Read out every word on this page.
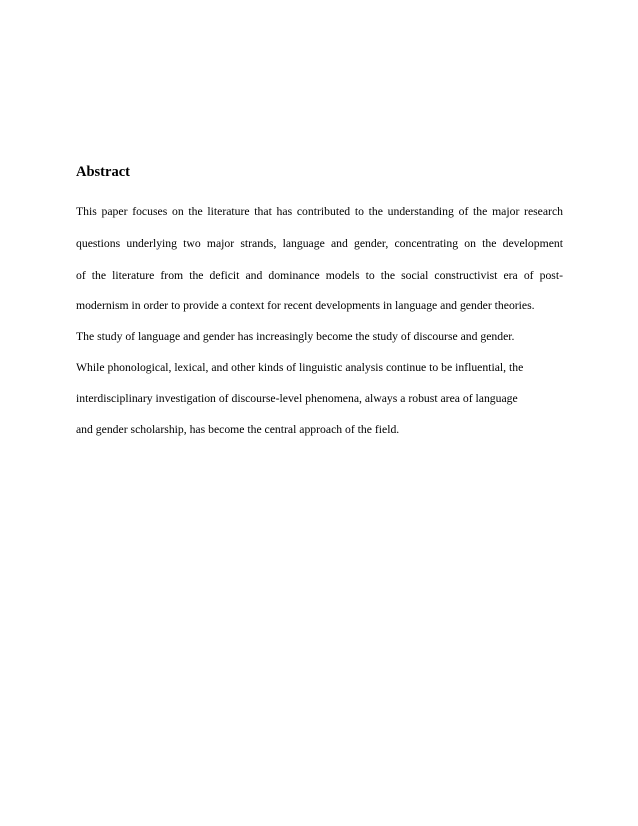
Abstract

This paper focuses on the literature that has contributed to the understanding of the major research

questions underlying two major strands, language and gender, concentrating on the development

of the literature from the deficit and dominance models to the social constructivist era of post-

modernism in order to provide a context for recent developments in language and gender theories.

The study of language and gender has increasingly become the study of discourse and gender.

While phonological, lexical, and other kinds of linguistic analysis continue to be influential, the

interdisciplinary investigation of discourse-level phenomena, always a robust area of language

and gender scholarship, has become the central approach of the field.
